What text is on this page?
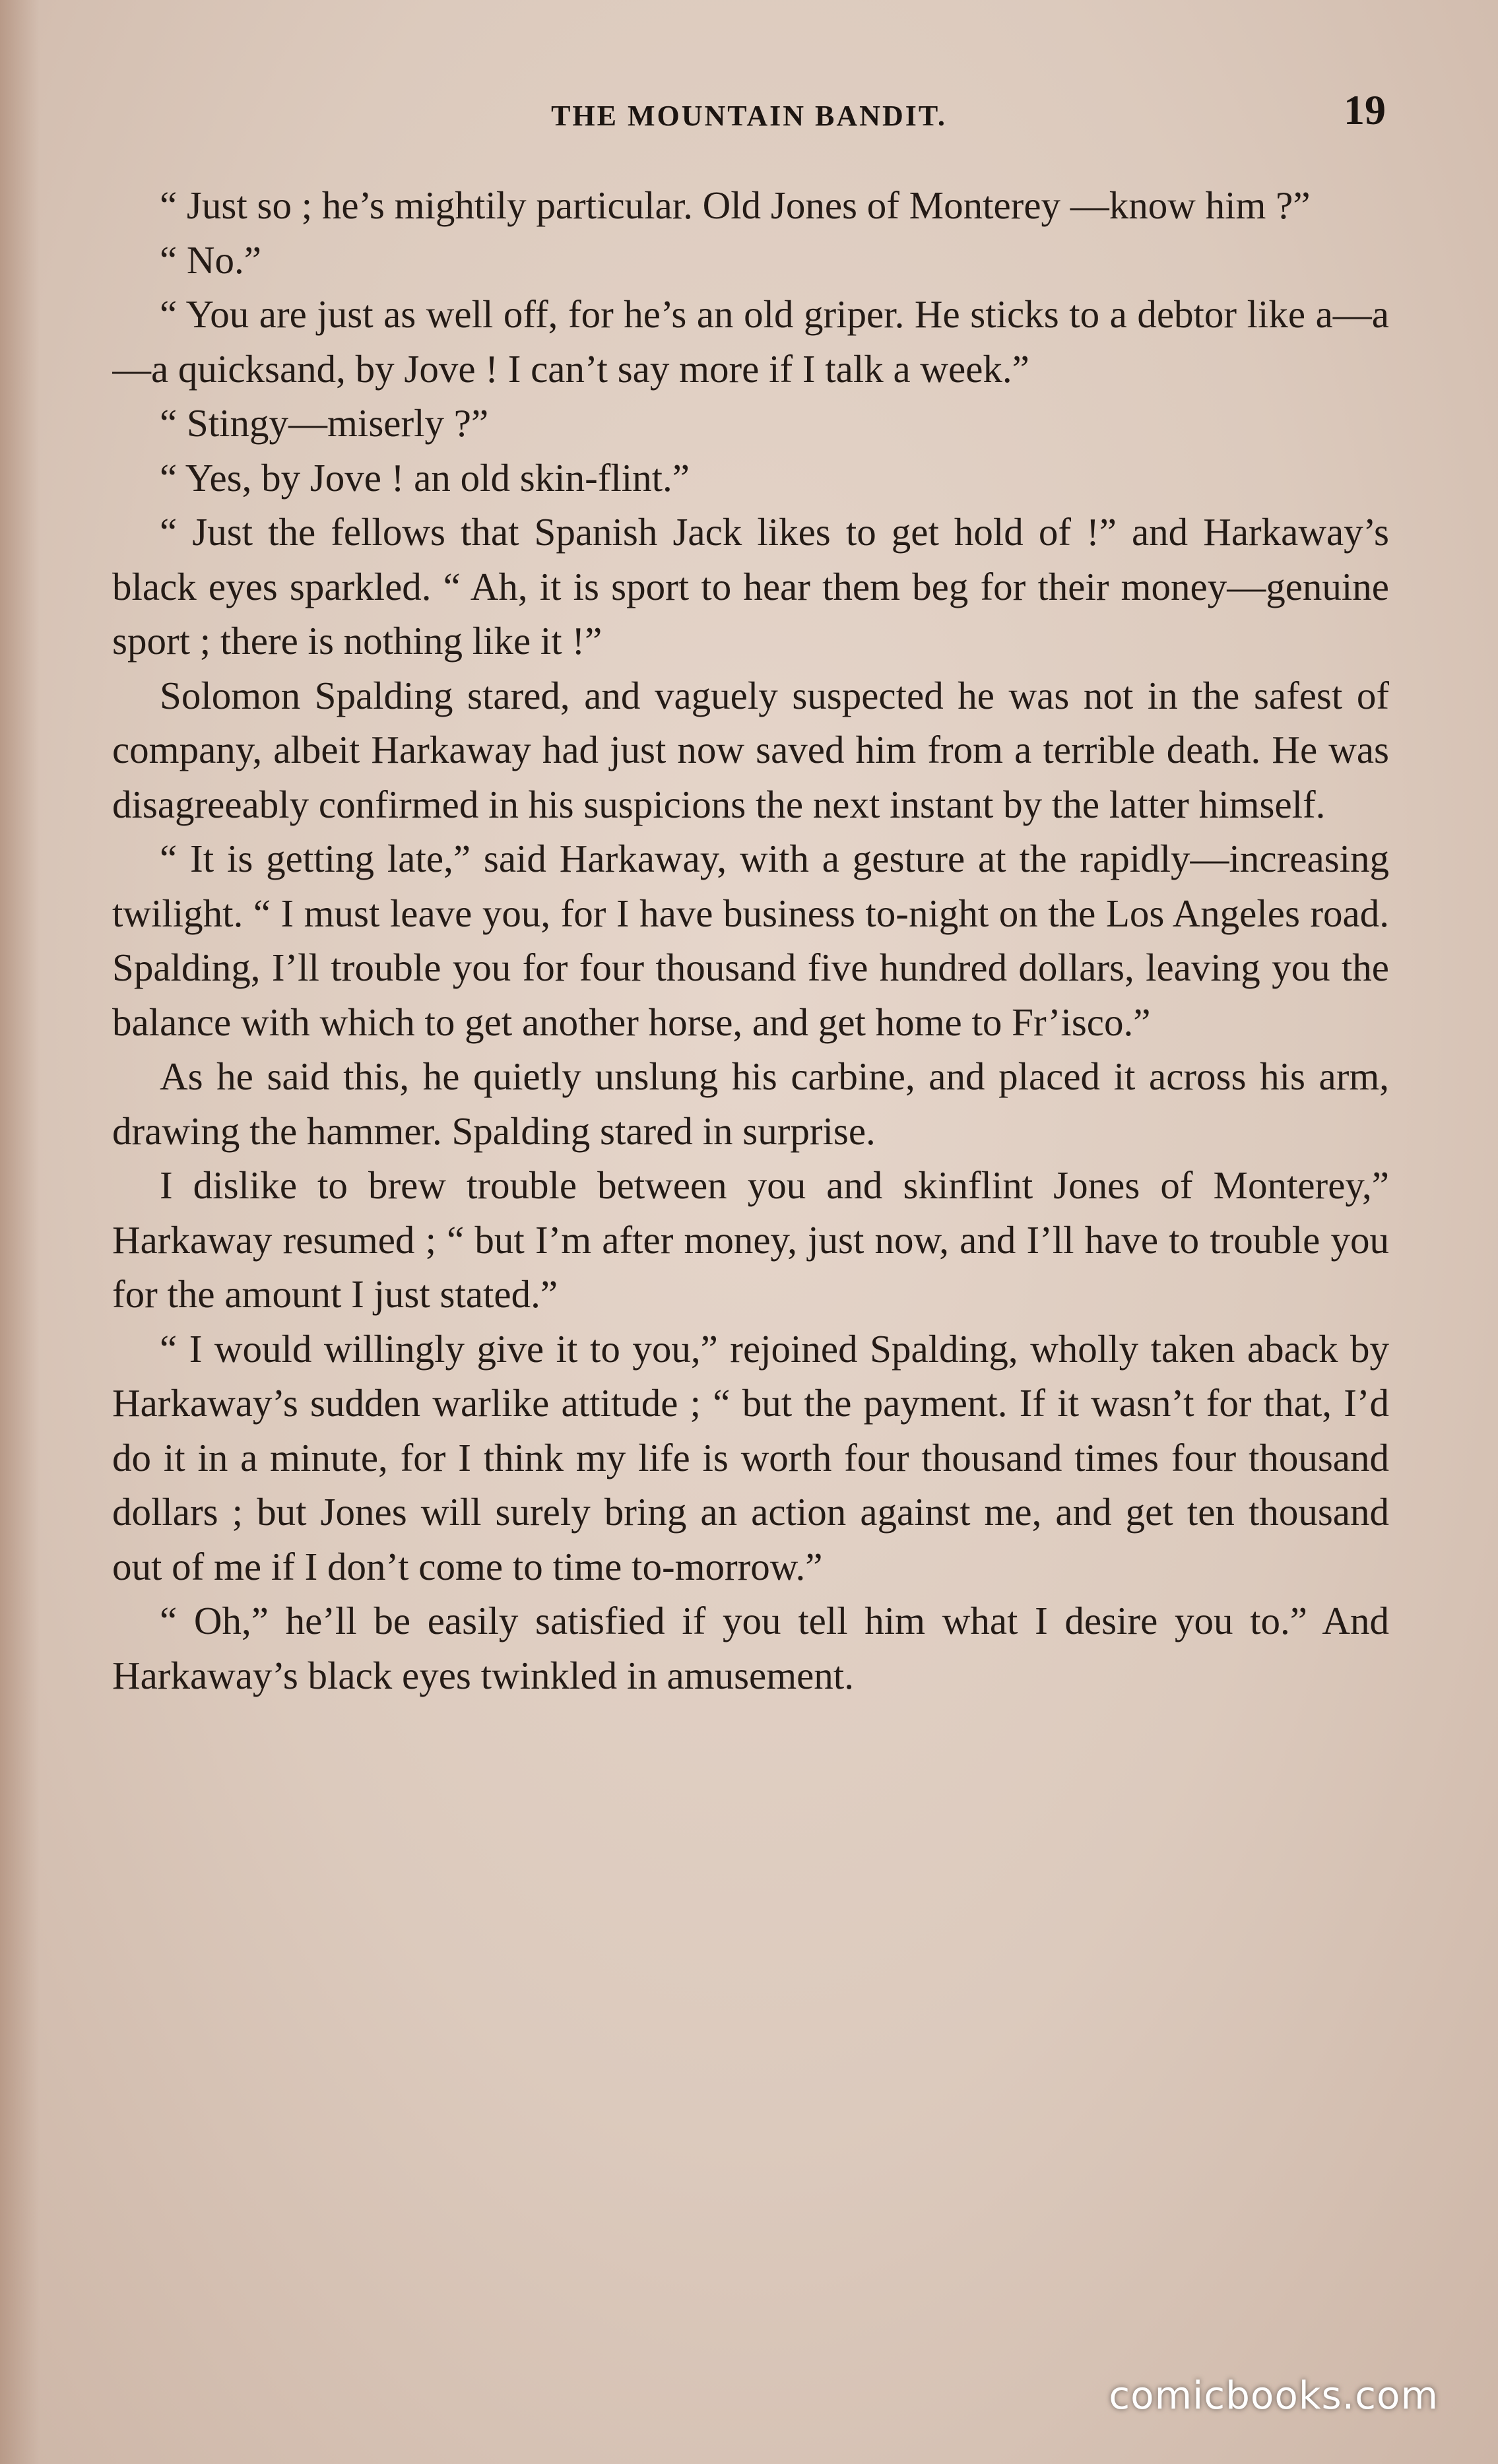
THE MOUNTAIN BANDIT.	19

“ Just so ; he’s mightily particular. Old Jones of Monterey —know him ?”

“ No.”

“ You are just as well off, for he’s an old griper. He sticks to a debtor like a—a—a quicksand, by Jove ! I can’t say more if I talk a week.”

“ Stingy—miserly ?”

“ Yes, by Jove ! an old skin-flint.”

“ Just the fellows that Spanish Jack likes to get hold of !” and Harkaway’s black eyes sparkled. “ Ah, it is sport to hear them beg for their money—genuine sport ; there is nothing like it !”

Solomon Spalding stared, and vaguely suspected he was not in the safest of company, albeit Harkaway had just now saved him from a terrible death. He was disagreeably confirmed in his suspicions the next instant by the latter himself.

“ It is getting late,” said Harkaway, with a gesture at the rapidly—increasing twilight. “ I must leave you, for I have business to-night on the Los Angeles road. Spalding, I’ll trouble you for four thousand five hundred dollars, leaving you the balance with which to get another horse, and get home to Fr’isco.”

As he said this, he quietly unslung his carbine, and placed it across his arm, drawing the hammer. Spalding stared in surprise.

I dislike to brew trouble between you and skinflint Jones of Monterey,” Harkaway resumed ; “ but I’m after money, just now, and I’ll have to trouble you for the amount I just stated.”

“ I would willingly give it to you,” rejoined Spalding, wholly taken aback by Harkaway’s sudden warlike attitude ; “ but the payment. If it wasn’t for that, I’d do it in a minute, for I think my life is worth four thousand times four thousand dollars ; but Jones will surely bring an action against me, and get ten thousand out of me if I don’t come to time to-morrow.”

“ Oh,” he’ll be easily satisfied if you tell him what I desire you to.” And Harkaway’s black eyes twinkled in amusement.

comicbooks.com
